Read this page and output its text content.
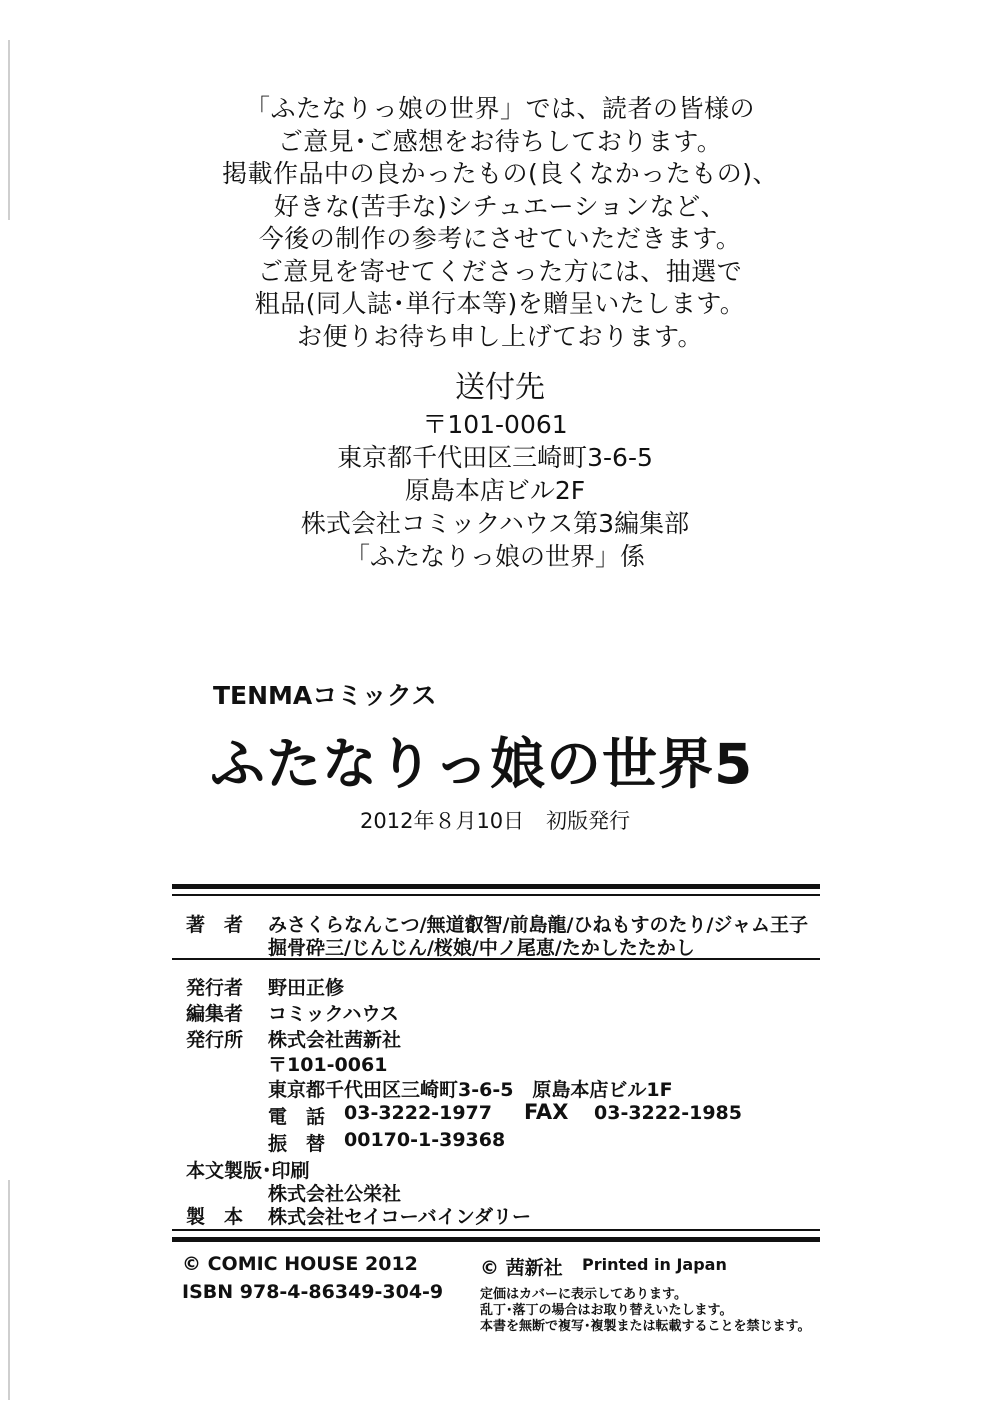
「ふたなりっ娘の世界」では、読者の皆様の
ご意見･ご感想をお待ちしております。
掲載作品中の良かったもの(良くなかったもの)、
好きな(苦手な)シチュエーションなど、
今後の制作の参考にさせていただきます。
ご意見を寄せてくださった方には、抽選で
粗品(同人誌･単行本等)を贈呈いたします。
お便りお待ち申し上げております。
送付先
〒101-0061
東京都千代田区三崎町3-6-5
原島本店ビル2F
株式会社コミックハウス第3編集部
「ふたなりっ娘の世界」係
TENMAコミックス
ふたなりっ娘の世界5
2012年８月10日 初版発行
著　者 みさくらなんこつ/無道叡智/前島龍/ひねもすのたり/ジャム王子
掘骨砕三/じんじん/桜娘/中ノ尾恵/たかしたたかし
発行者 野田正修
編集者 コミックハウス
発行所 株式会社茜新社
〒101-0061
東京都千代田区三崎町3-6-5　原島本店ビル1F
電　話 03-3222-1977 FAX 03-3222-1985
振　替 00170-1-39368
本文製版･印刷
株式会社公栄社
製　本 株式会社セイコーバインダリー
© COMIC HOUSE 2012
ISBN 978-4-86349-304-9
© 茜新社 Printed in Japan
定価はカバーに表示してあります。
乱丁･落丁の場合はお取り替えいたします。
本書を無断で複写･複製または転載することを禁じます。
